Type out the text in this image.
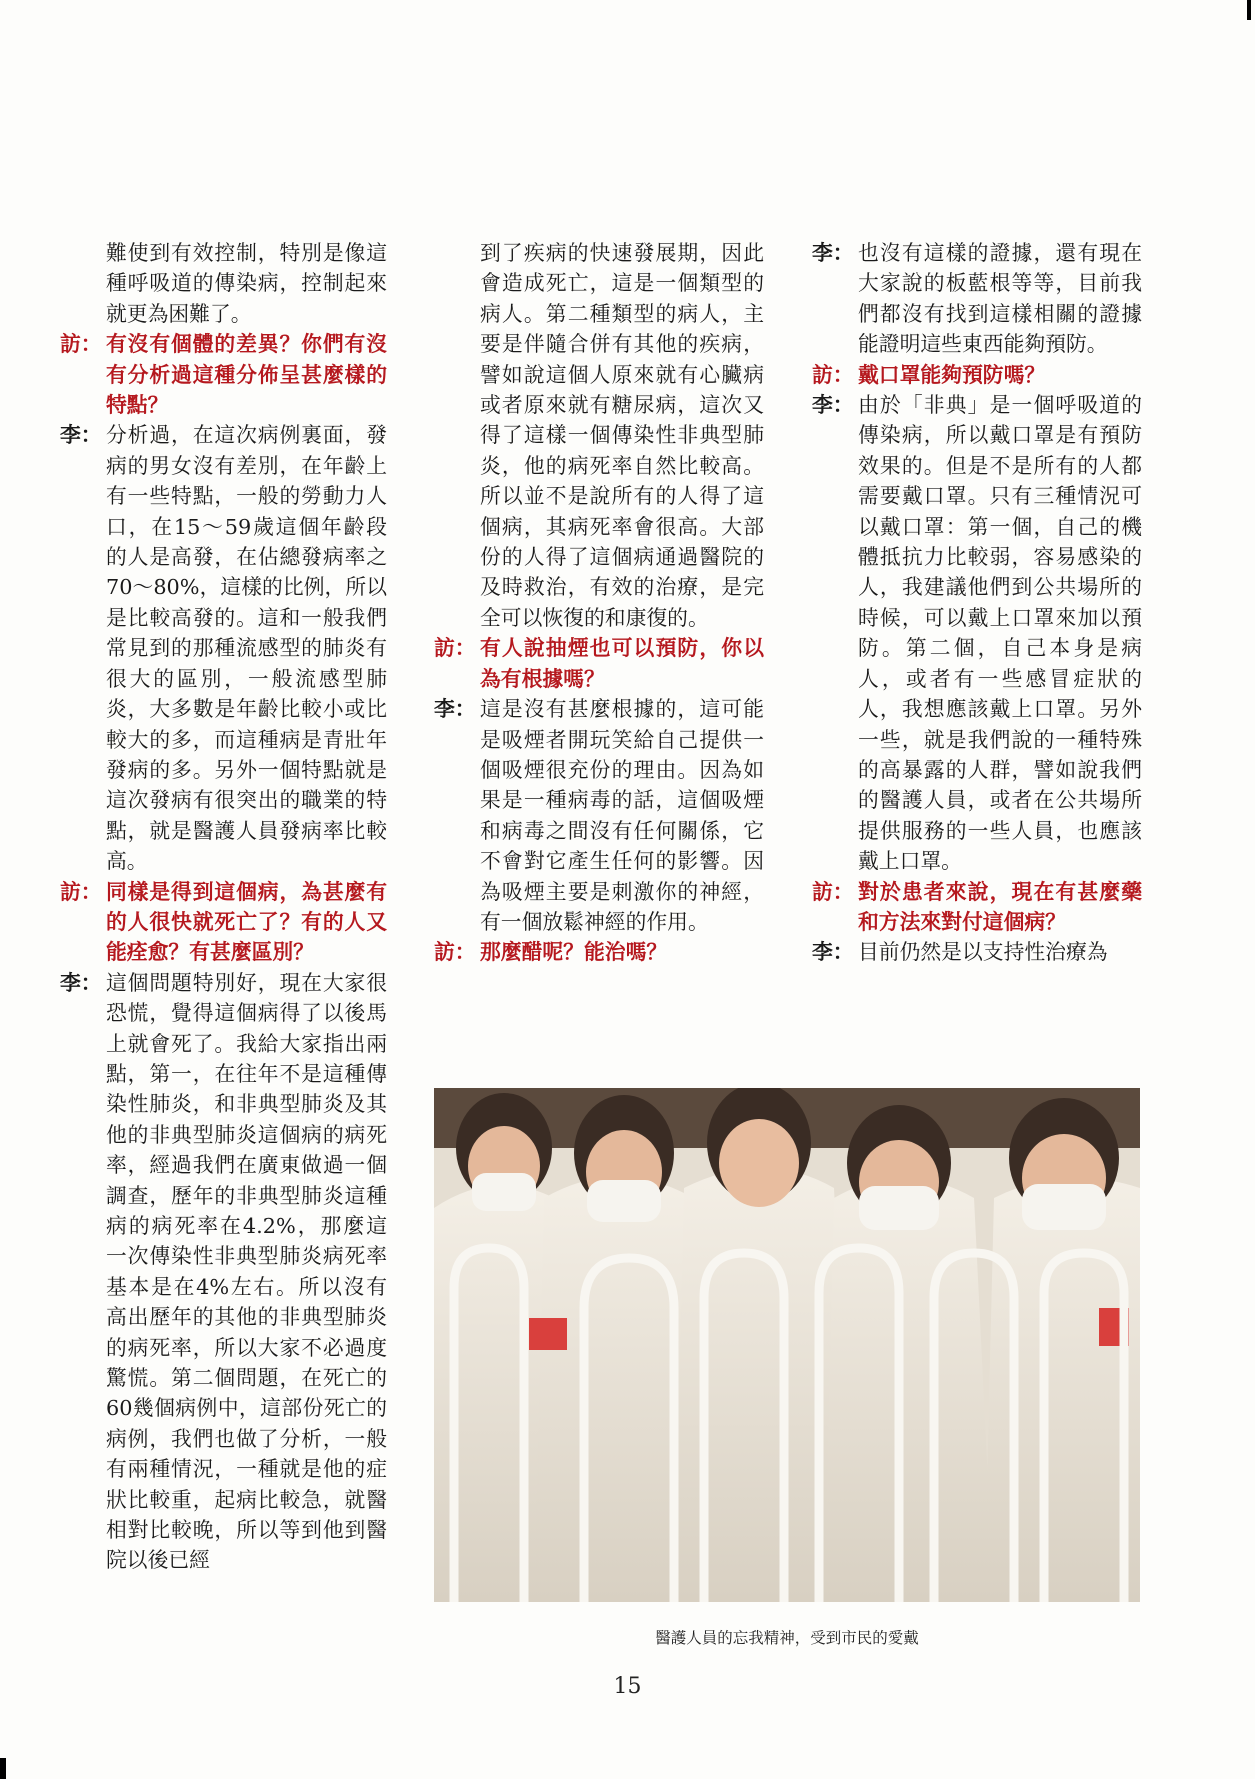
難使到有效控制，特別是像這種呼吸道的傳染病，控制起來就更為困難了。
訪： 有沒有個體的差異？你們有沒有分析過這種分佈呈甚麼樣的特點？
李： 分析過，在這次病例裏面，發病的男女沒有差別，在年齡上有一些特點，一般的勞動力人口，在15～59歲這個年齡段的人是高發，在佔總發病率之70～80%，這樣的比例，所以是比較高發的。這和一般我們常見到的那種流感型的肺炎有很大的區別，一般流感型肺炎，大多數是年齡比較小或比較大的多，而這種病是青壯年發病的多。另外一個特點就是這次發病有很突出的職業的特點，就是醫護人員發病率比較高。
訪： 同樣是得到這個病，為甚麼有的人很快就死亡了？有的人又能痊愈？有甚麼區別？
李： 這個問題特別好，現在大家很恐慌，覺得這個病得了以後馬上就會死了。我給大家指出兩點，第一，在往年不是這種傳染性肺炎，和非典型肺炎及其他的非典型肺炎這個病的病死率，經過我們在廣東做過一個調查，歷年的非典型肺炎這種病的病死率在4.2%，那麼這一次傳染性非典型肺炎病死率基本是在4%左右。所以沒有高出歷年的其他的非典型肺炎的病死率，所以大家不必過度驚慌。第二個問題，在死亡的60幾個病例中，這部份死亡的病例，我們也做了分析，一般有兩種情況，一種就是他的症狀比較重，起病比較急，就醫相對比較晚，所以等到他到醫院以後已經
到了疾病的快速發展期，因此會造成死亡，這是一個類型的病人。第二種類型的病人，主要是伴隨合併有其他的疾病，譬如說這個人原來就有心臟病或者原來就有糖尿病，這次又得了這樣一個傳染性非典型肺炎，他的病死率自然比較高。所以並不是說所有的人得了這個病，其病死率會很高。大部份的人得了這個病通過醫院的及時救治，有效的治療，是完全可以恢復的和康復的。
訪： 有人說抽煙也可以預防，你以為有根據嗎？
李： 這是沒有甚麼根據的，這可能是吸煙者開玩笑給自己提供一個吸煙很充份的理由。因為如果是一種病毒的話，這個吸煙和病毒之間沒有任何關係，它不會對它產生任何的影響。因為吸煙主要是刺激你的神經，有一個放鬆神經的作用。
訪： 那麼醋呢？能治嗎？
李： 也沒有這樣的證據，還有現在大家說的板藍根等等，目前我們都沒有找到這樣相關的證據能證明這些東西能夠預防。
訪： 戴口罩能夠預防嗎？
李： 由於「非典」是一個呼吸道的傳染病，所以戴口罩是有預防效果的。但是不是所有的人都需要戴口罩。只有三種情況可以戴口罩：第一個，自己的機體抵抗力比較弱，容易感染的人，我建議他們到公共場所的時候，可以戴上口罩來加以預防。第二個，自己本身是病人，或者有一些感冒症狀的人，我想應該戴上口罩。另外一些，就是我們說的一種特殊的高暴露的人群，譬如說我們的醫護人員，或者在公共場所提供服務的一些人員，也應該戴上口罩。
訪： 對於患者來說，現在有甚麼藥和方法來對付這個病？
李： 目前仍然是以支持性治療為
醫護人員的忘我精神，受到市民的愛戴
15
